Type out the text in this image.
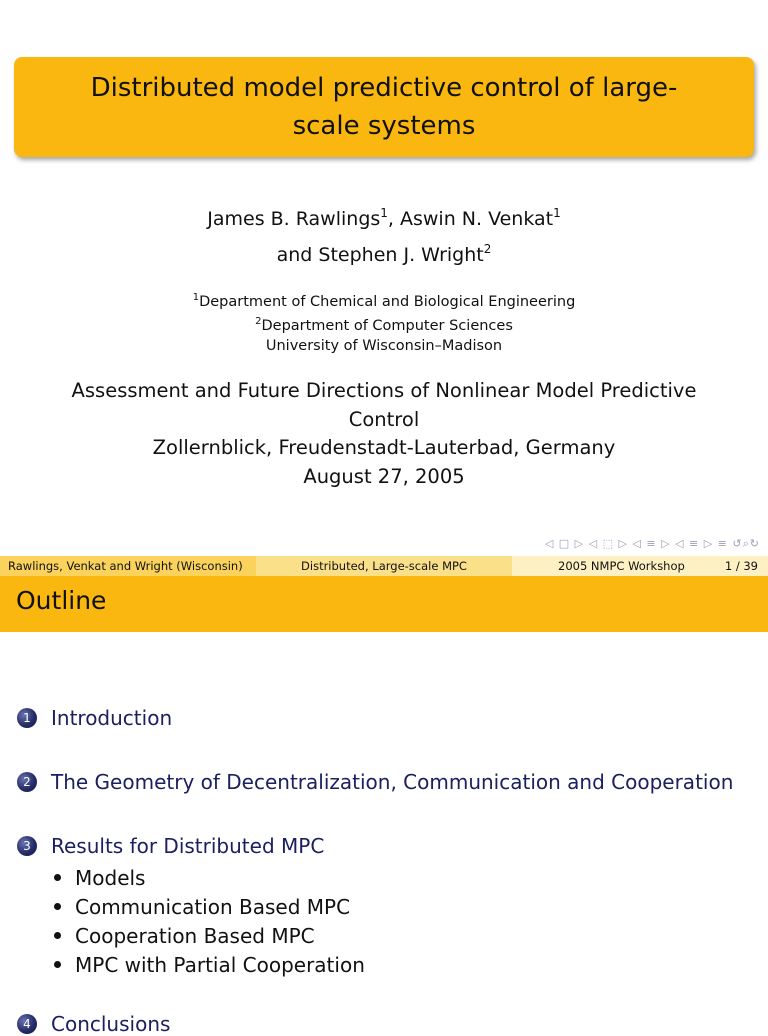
Distributed model predictive control of large-scale systems
James B. Rawlings$^1$, Aswin N. Venkat$^1$
and Stephen J. Wright$^2$
$^1$Department of Chemical and Biological Engineering
$^2$Department of Computer Sciences
University of Wisconsin–Madison
Assessment and Future Directions of Nonlinear Model Predictive Control
Zollernblick, Freudenstadt-Lauterbad, Germany
August 27, 2005
◁ □ ▷ ◁ ⬚ ▷ ◁ ≡ ▷ ◁ ≡ ▷ ≡ ↺⌕↻
Rawlings, Venkat and Wright (Wisconsin)	Distributed, Large-scale MPC	2005 NMPC Workshop	1 / 39
Outline
1	Introduction
2	The Geometry of Decentralization, Communication and Cooperation
3	Results for Distributed MPC
Models
Communication Based MPC
Cooperation Based MPC
MPC with Partial Cooperation
4	Conclusions
